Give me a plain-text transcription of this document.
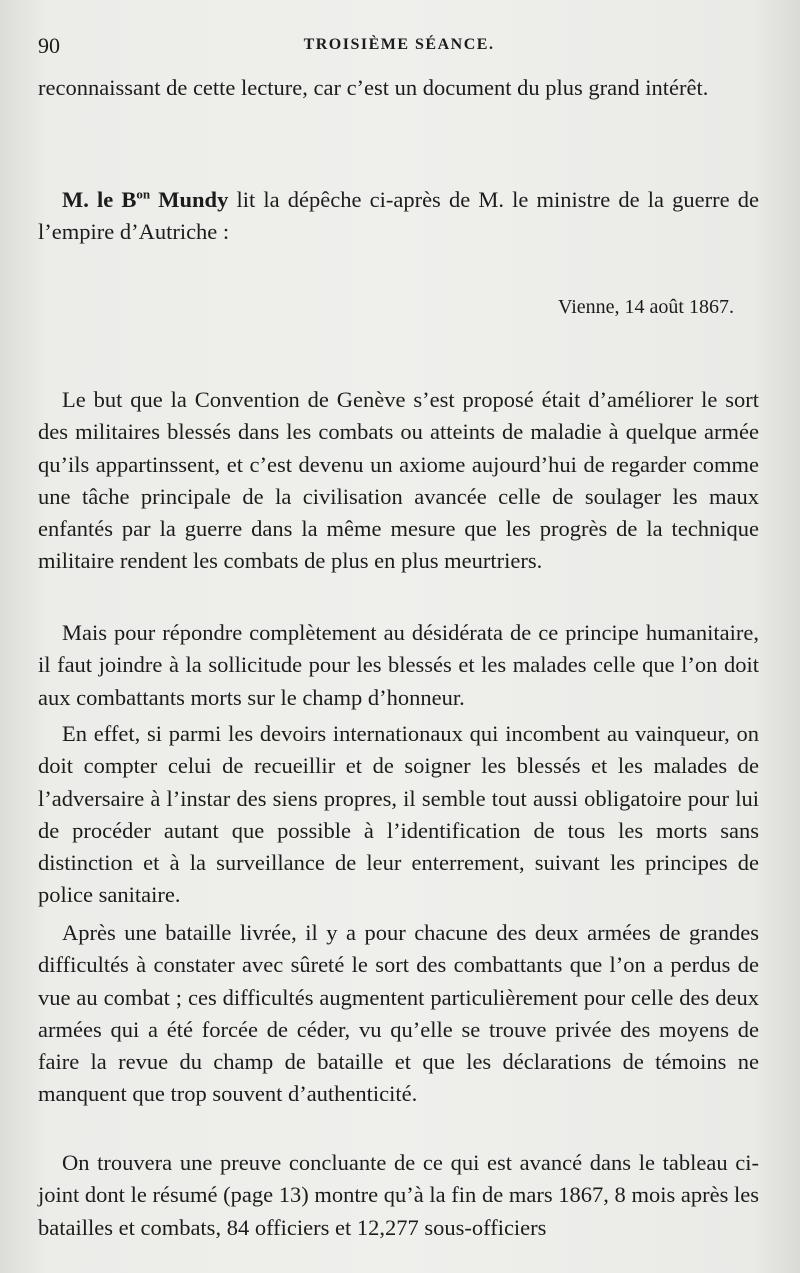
90	TROISIÈME SÉANCE.

reconnaissant de cette lecture, car c’est un document du plus grand intérêt.

M. le $B^{on}$ Mundy lit la dépêche ci-après de M. le ministre de la guerre de l’empire d’Autriche :

Vienne, 14 août 1867.

Le but que la Convention de Genève s’est proposé était d’améliorer le sort des militaires blessés dans les combats ou atteints de maladie à quelque armée qu’ils appartinssent, et c’est devenu un axiome aujourd’hui de regarder comme une tâche principale de la civilisation avancée celle de soulager les maux enfantés par la guerre dans la même mesure que les progrès de la technique militaire rendent les combats de plus en plus meurtriers.

Mais pour répondre complètement au désidérata de ce principe humanitaire, il faut joindre à la sollicitude pour les blessés et les malades celle que l’on doit aux combattants morts sur le champ d’honneur.

En effet, si parmi les devoirs internationaux qui incombent au vainqueur, on doit compter celui de recueillir et de soigner les blessés et les malades de l’adversaire à l’instar des siens propres, il semble tout aussi obligatoire pour lui de procéder autant que possible à l’identification de tous les morts sans distinction et à la surveillance de leur enterrement, suivant les principes de police sanitaire.

Après une bataille livrée, il y a pour chacune des deux armées de grandes difficultés à constater avec sûreté le sort des combattants que l’on a perdus de vue au combat ; ces difficultés augmentent particulièrement pour celle des deux armées qui a été forcée de céder, vu qu’elle se trouve privée des moyens de faire la revue du champ de bataille et que les déclarations de témoins ne manquent que trop souvent d’authenticité.

On trouvera une preuve concluante de ce qui est avancé dans le tableau ci-joint dont le résumé (page 13) montre qu’à la fin de mars 1867, 8 mois après les batailles et combats, 84 officiers et 12,277 sous-officiers
